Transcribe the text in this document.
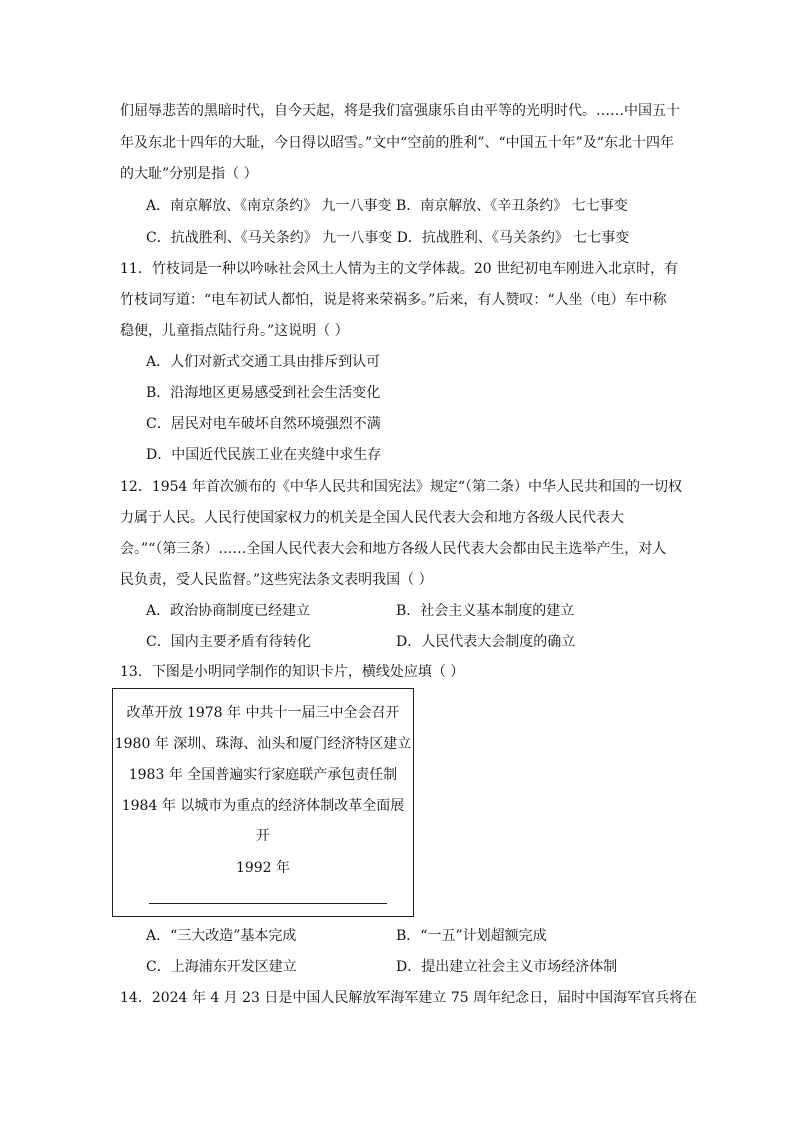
们屈辱悲苦的黑暗时代，自今天起，将是我们富强康乐自由平等的光明时代。……中国五十
年及东北十四年的大耻，今日得以昭雪。”文中“空前的胜利”、“中国五十年”及“东北十四年
的大耻”分别是指（ ）
A．南京解放、《南京条约》 九一八事变 B．南京解放、《辛丑条约》 七七事变
C．抗战胜利、《马关条约》 九一八事变 D．抗战胜利、《马关条约》 七七事变
11．竹枝词是一种以吟咏社会风土人情为主的文学体裁。20 世纪初电车刚进入北京时，有
竹枝词写道：“电车初试人都怕，说是将来荣祸多。”后来，有人赞叹：“人坐（电）车中称
稳便，儿童指点陆行舟。”这说明（ ）
A．人们对新式交通工具由排斥到认可
B．沿海地区更易感受到社会生活变化
C．居民对电车破坏自然环境强烈不满
D．中国近代民族工业在夹缝中求生存
12．1954 年首次颁布的《中华人民共和国宪法》规定“（第二条）中华人民共和国的一切权
力属于人民。人民行使国家权力的机关是全国人民代表大会和地方各级人民代表大
会。”“（第三条）……全国人民代表大会和地方各级人民代表大会都由民主选举产生，对人
民负责，受人民监督。”这些宪法条文表明我国（ ）
A．政治协商制度已经建立	B．社会主义基本制度的建立
C．国内主要矛盾有待转化	D．人民代表大会制度的确立
13．下图是小明同学制作的知识卡片，横线处应填（ ）
改革开放 1978 年 中共十一届三中全会召开
1980 年 深圳、珠海、汕头和厦门经济特区建立
1983 年 全国普遍实行家庭联产承包责任制
1984 年 以城市为重点的经济体制改革全面展
开
1992 年
A．“三大改造”基本完成	B．“一五”计划超额完成
C．上海浦东开发区建立	D．提出建立社会主义市场经济体制
14．2024 年 4 月 23 日是中国人民解放军海军建立 75 周年纪念日，届时中国海军官兵将在
